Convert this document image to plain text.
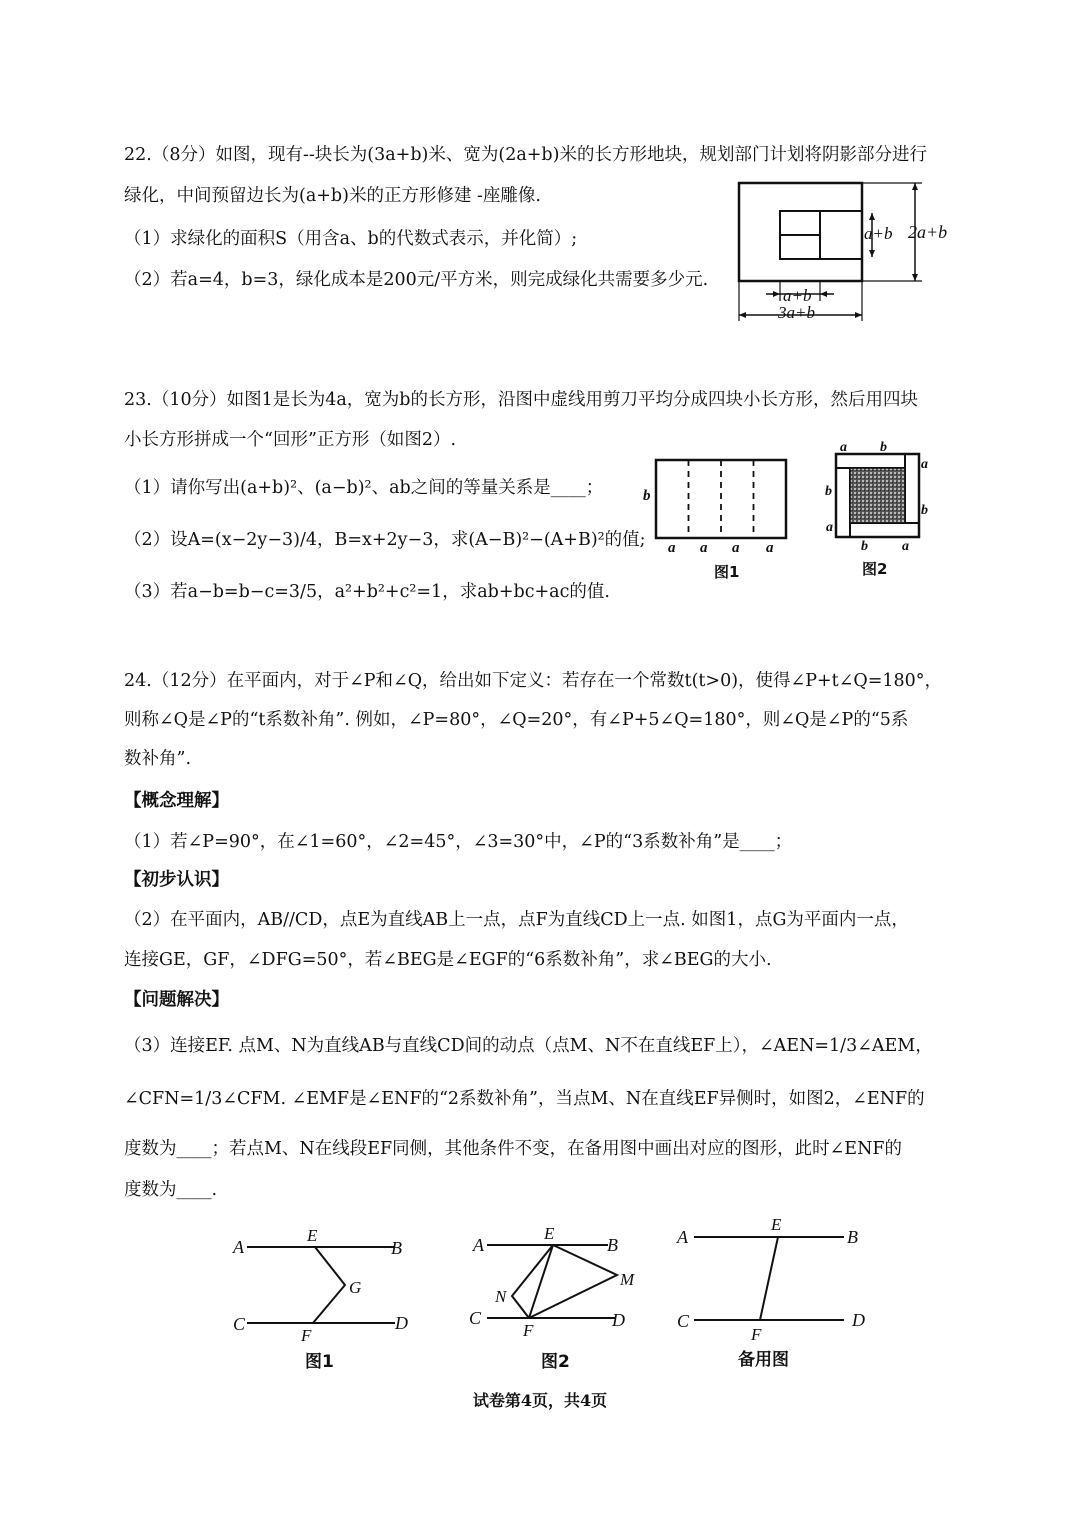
22.（8分）如图，现有--块长为(3a+b)米、宽为(2a+b)米的长方形地块，规划部门计划将阴影部分进行
绿化，中间预留边长为(a+b)米的正方形修建 -座雕像.
（1）求绿化的面积S（用含a、b的代数式表示，并化简）;
（2）若a=4，b=3，绿化成本是200元/平方米，则完成绿化共需要多少元.
a+b 2a+b
a+b
3a+b
23.（10分）如图1是长为4a，宽为b的长方形，沿图中虚线用剪刀平均分成四块小长方形，然后用四块
小长方形拼成一个“回形”正方形（如图2）.
（1）请你写出(a+b)²、(a−b)²、ab之间的等量关系是____；
（2）设A=(x−2y−3)/4，B=x+2y−3，求(A−B)²−(A+B)²的值;
（3）若a−b=b−c=3/5，a²+b²+c²=1，求ab+bc+ac的值.
b
a a a a
图1
a b
a
b
b
a
b a
图2
24.（12分）在平面内，对于∠P和∠Q，给出如下定义：若存在一个常数t(t>0)，使得∠P+t∠Q=180°，
则称∠Q是∠P的“t系数补角”. 例如，∠P=80°，∠Q=20°，有∠P+5∠Q=180°，则∠Q是∠P的“5系
数补角”.
【概念理解】
（1）若∠P=90°，在∠1=60°，∠2=45°，∠3=30°中，∠P的“3系数补角”是____；
【初步认识】
（2）在平面内，AB//CD，点E为直线AB上一点，点F为直线CD上一点. 如图1，点G为平面内一点，
连接GE，GF，∠DFG=50°，若∠BEG是∠EGF的“6系数补角”，求∠BEG的大小.
【问题解决】
（3）连接EF. 点M、N为直线AB与直线CD间的动点（点M、N不在直线EF上），∠AEN=1/3∠AEM，
∠CFN=1/3∠CFM. ∠EMF是∠ENF的“2系数补角”，当点M、N在直线EF异侧时，如图2，∠ENF的
度数为____；若点M、N在线段EF同侧，其他条件不变，在备用图中画出对应的图形，此时∠ENF的
度数为____.
A	B
C	D
E
F
G
图1
A	B
C	D
E
F
M
N
图2
A	B
C	D
E
F
备用图
试卷第4页，共4页
